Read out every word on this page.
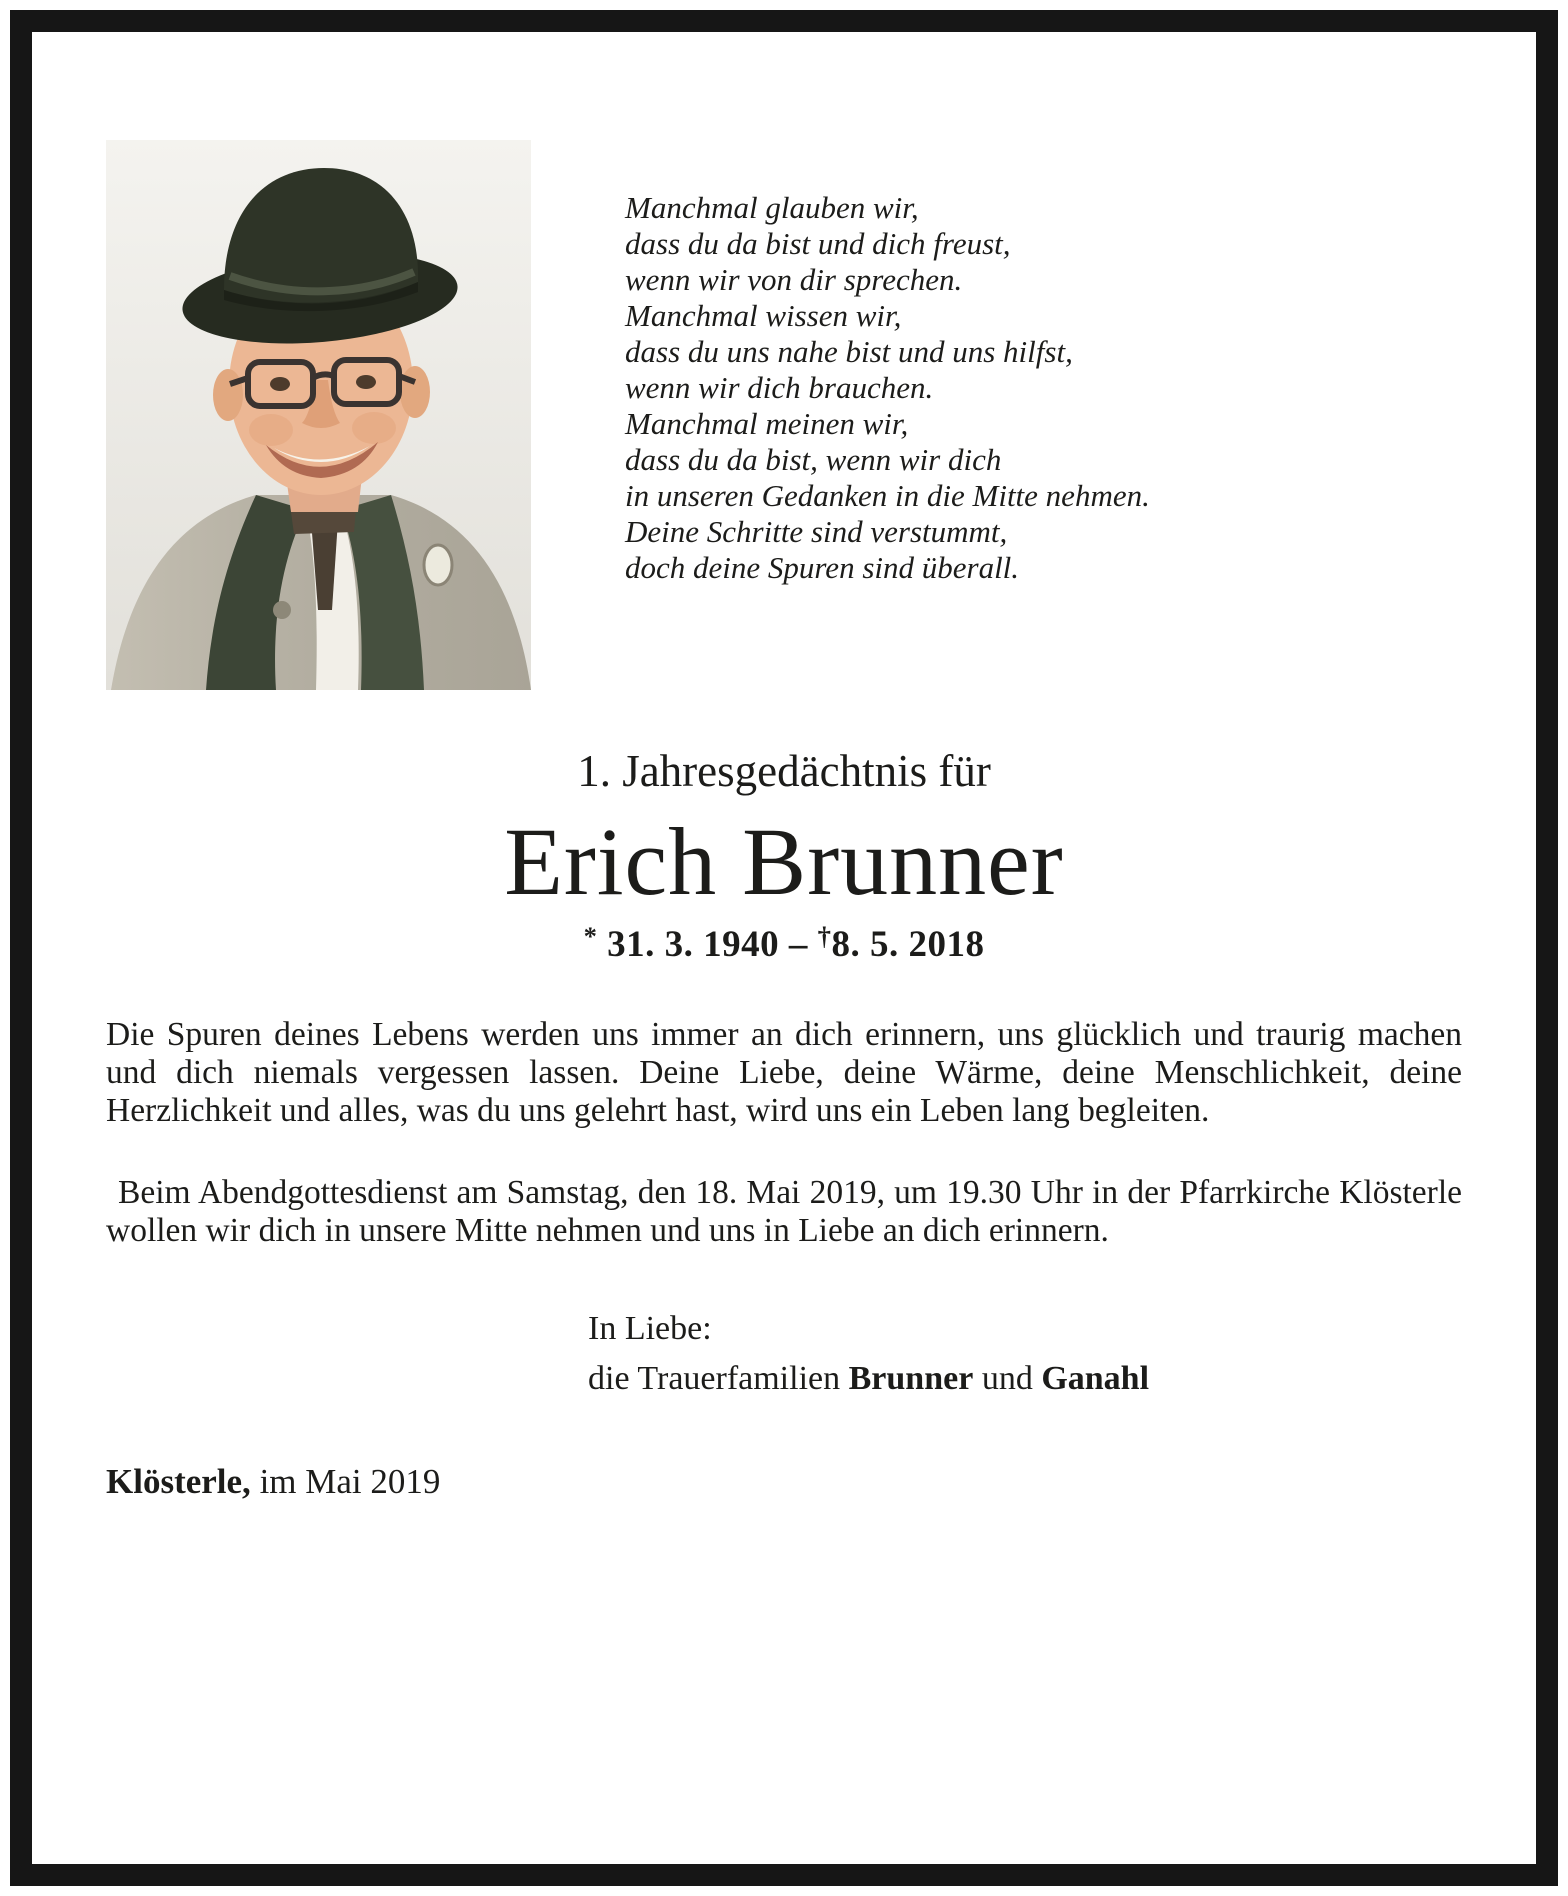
Manchmal glauben wir,
dass du da bist und dich freust,
wenn wir von dir sprechen.
Manchmal wissen wir,
dass du uns nahe bist und uns hilfst,
wenn wir dich brauchen.
Manchmal meinen wir,
dass du da bist, wenn wir dich
in unseren Gedanken in die Mitte nehmen.
Deine Schritte sind verstummt,
doch deine Spuren sind überall.
1. Jahresgedächtnis für
Erich Brunner
* 31. 3. 1940 – †8. 5. 2018
Die Spuren deines Lebens werden uns immer an dich erinnern, uns glücklich und traurig machen und dich niemals vergessen lassen. Deine Liebe, deine Wärme, deine Menschlichkeit, deine Herzlichkeit und alles, was du uns gelehrt hast, wird uns ein Leben lang begleiten.
Beim Abendgottesdienst am Samstag, den 18. Mai 2019, um 19.30 Uhr in der Pfarrkirche Klösterle wollen wir dich in unsere Mitte nehmen und uns in Liebe an dich erinnern.
In Liebe:
die Trauerfamilien Brunner und Ganahl
Klösterle, im Mai 2019
